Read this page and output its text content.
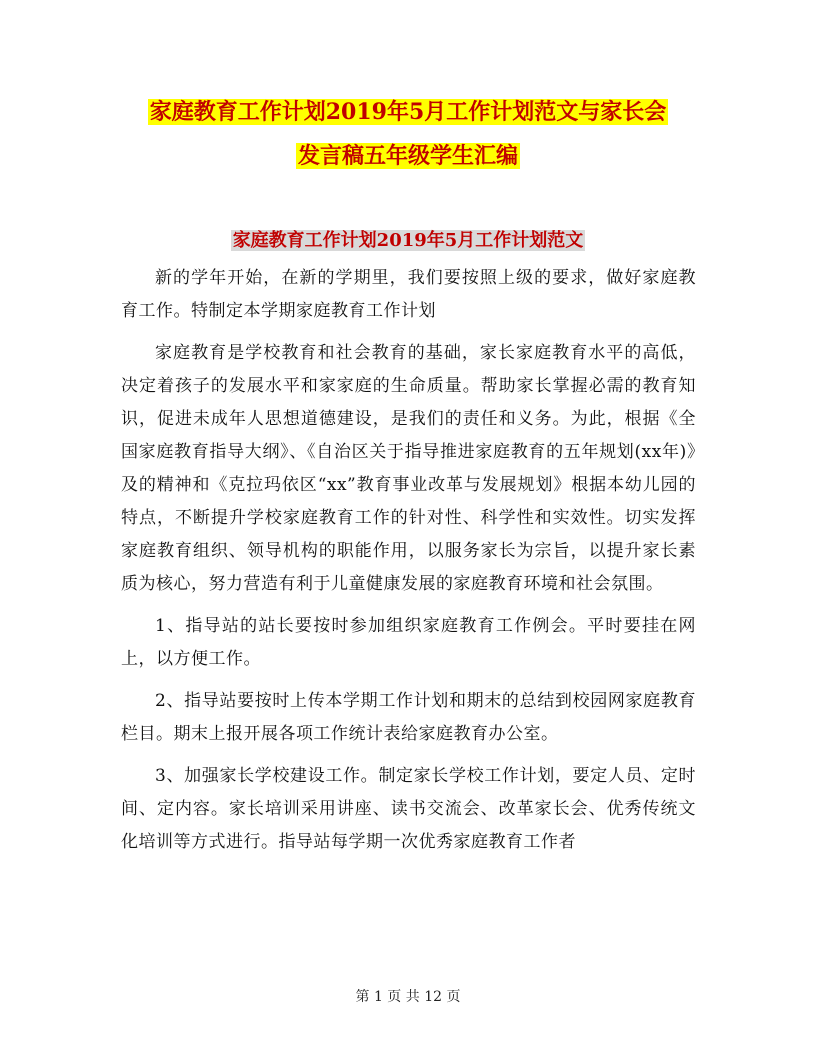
家庭教育工作计划2019年5月工作计划范文与家长会
发言稿五年级学生汇编
家庭教育工作计划2019年5月工作计划范文

新的学年开始，在新的学期里，我们要按照上级的要求，做好家庭教育工作。特制定本学期家庭教育工作计划

家庭教育是学校教育和社会教育的基础，家长家庭教育水平的高低，决定着孩子的发展水平和家家庭的生命质量。帮助家长掌握必需的教育知识，促进未成年人思想道德建设，是我们的责任和义务。为此，根据《全国家庭教育指导大纲》、《自治区关于指导推进家庭教育的五年规划(xx年)》及的精神和《克拉玛依区“xx”教育事业改革与发展规划》根据本幼儿园的特点，不断提升学校家庭教育工作的针对性、科学性和实效性。切实发挥家庭教育组织、领导机构的职能作用，以服务家长为宗旨，以提升家长素质为核心，努力营造有利于儿童健康发展的家庭教育环境和社会氛围。

1、指导站的站长要按时参加组织家庭教育工作例会。平时要挂在网上，以方便工作。

2、指导站要按时上传本学期工作计划和期末的总结到校园网家庭教育栏目。期末上报开展各项工作统计表给家庭教育办公室。

3、加强家长学校建设工作。制定家长学校工作计划，要定人员、定时间、定内容。家长培训采用讲座、读书交流会、改革家长会、优秀传统文化培训等方式进行。指导站每学期一次优秀家庭教育工作者

第 1 页 共 12 页
